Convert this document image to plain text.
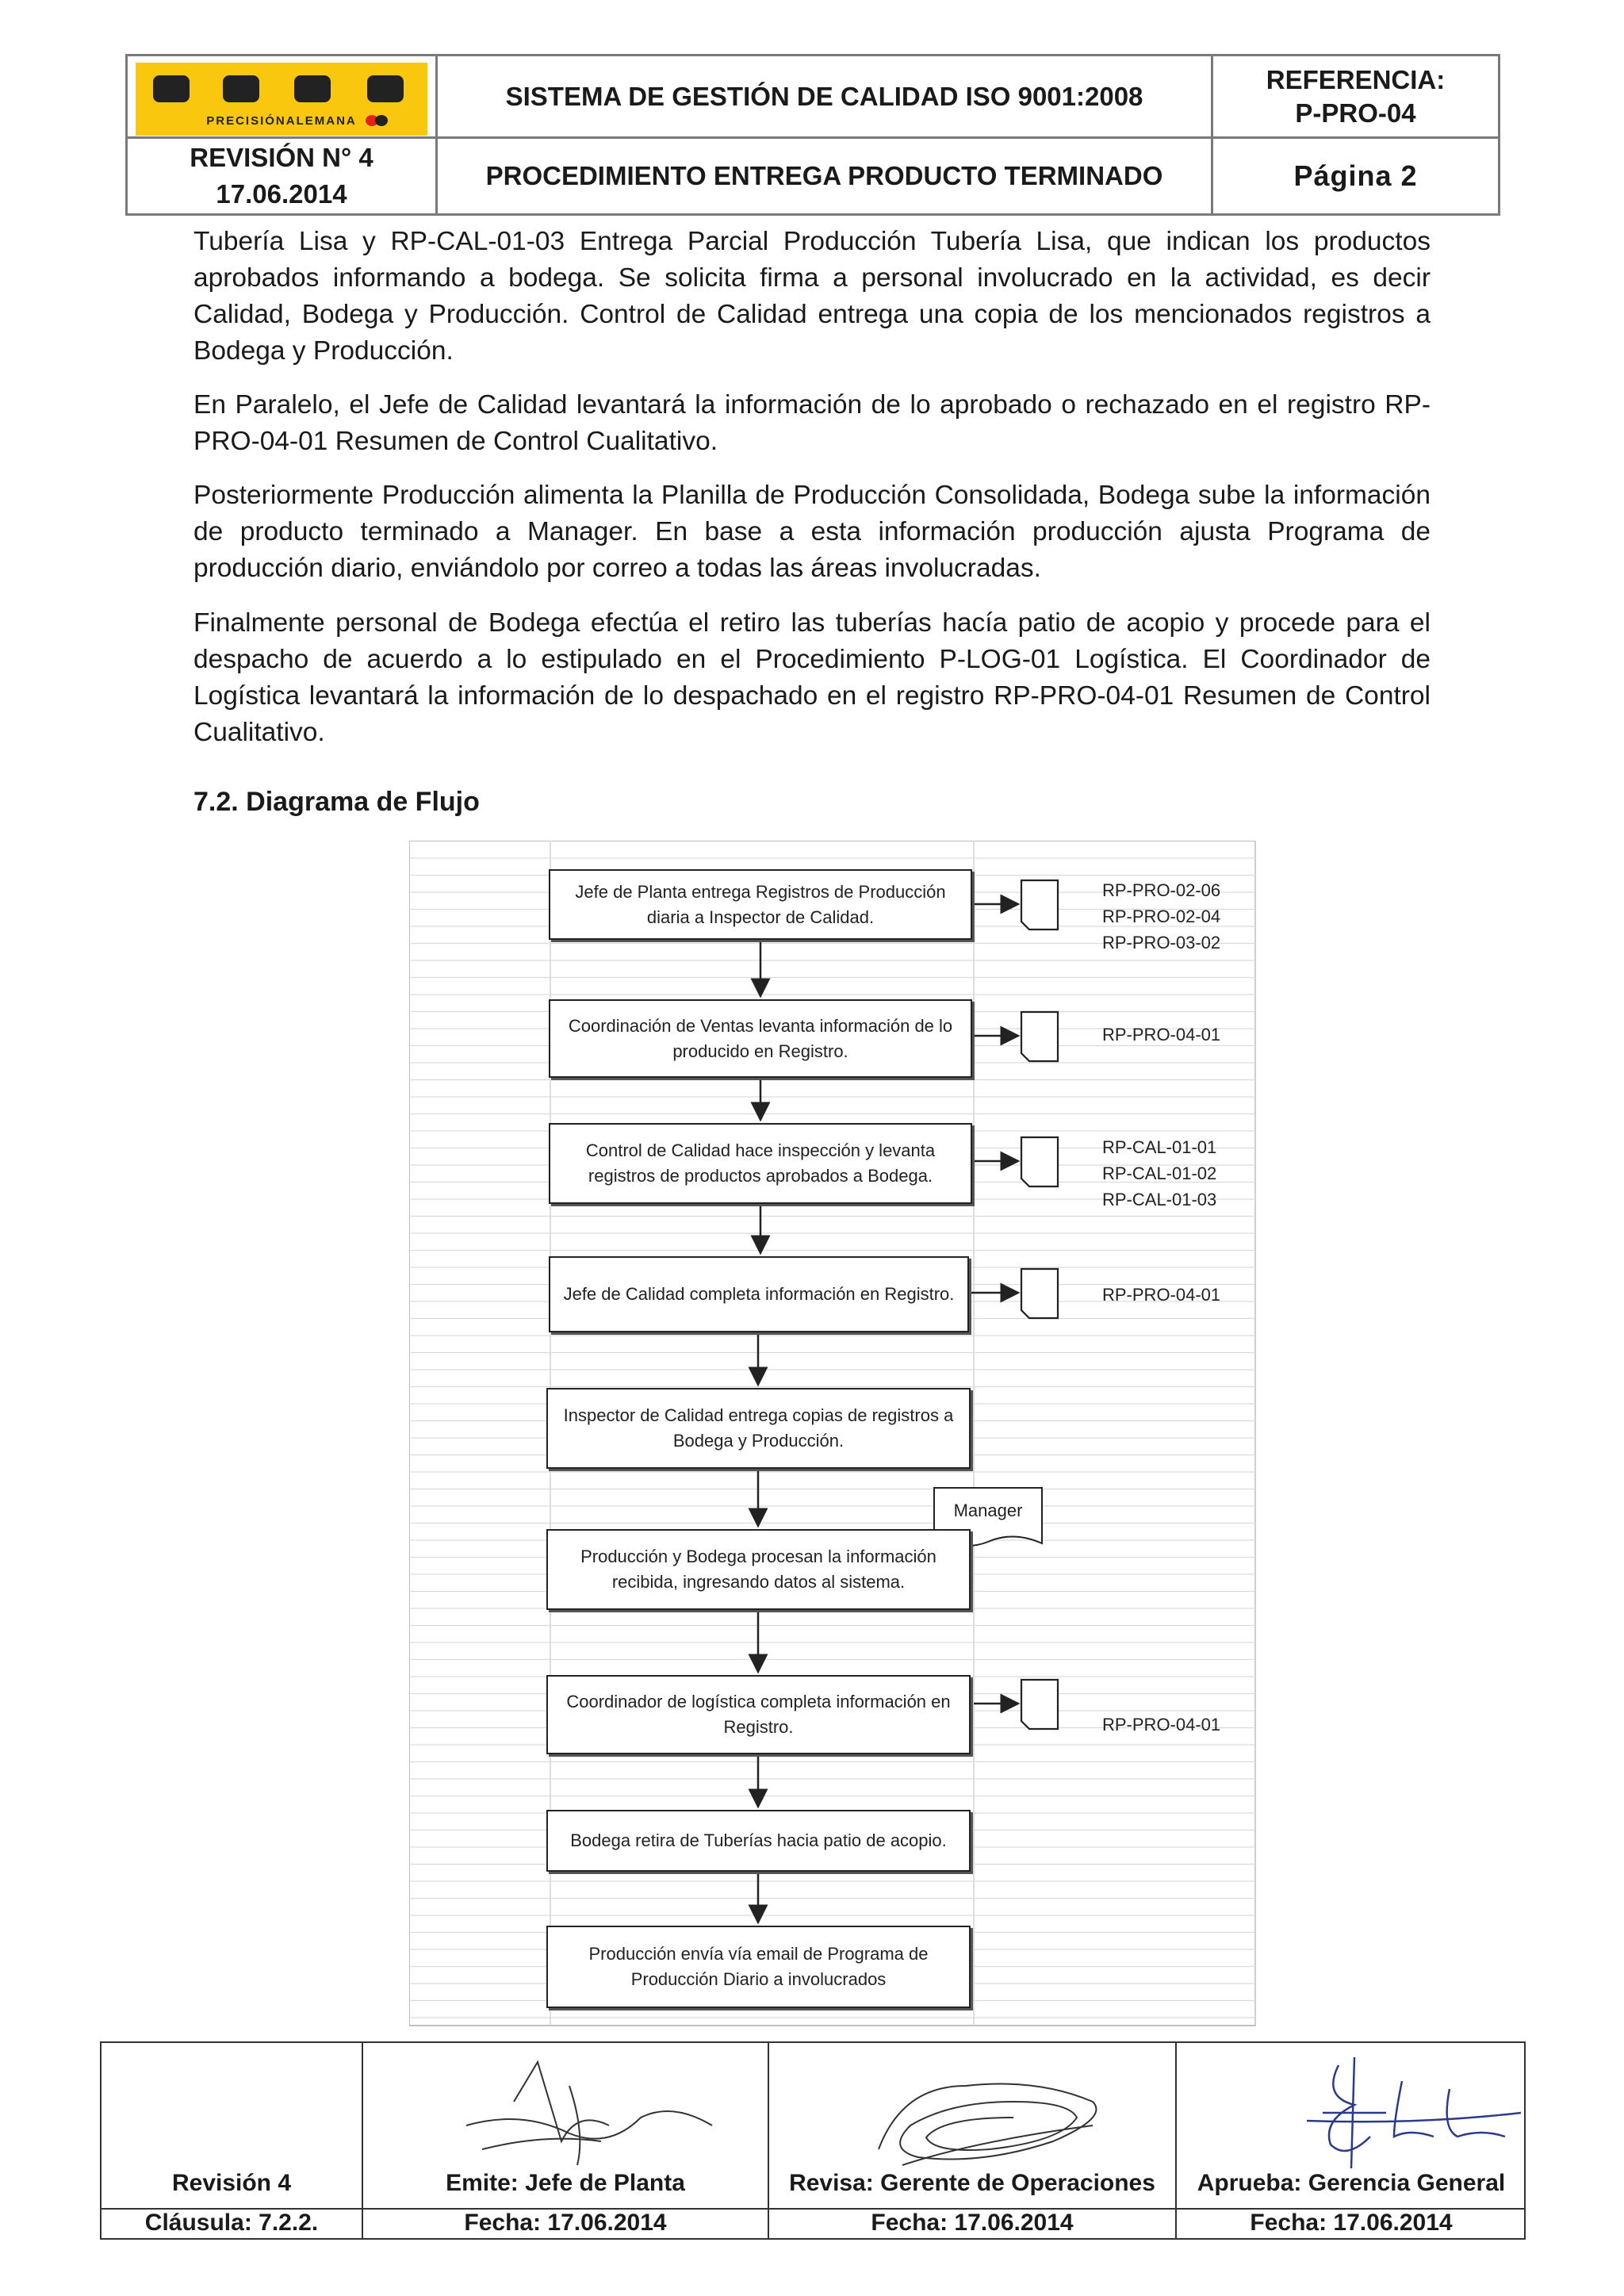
PRECISIÓNALEMANA
SISTEMA DE GESTIÓN DE CALIDAD ISO 9001:2008
REFERENCIA:
P-PRO-04
REVISIÓN N° 4
17.06.2014
PROCEDIMIENTO ENTREGA PRODUCTO TERMINADO	Página 2

Tubería Lisa y RP-CAL-01-03 Entrega Parcial Producción Tubería Lisa, que indican los productos aprobados informando a bodega. Se solicita firma a personal involucrado en la actividad, es decir Calidad, Bodega y Producción. Control de Calidad entrega una copia de los mencionados registros a Bodega y Producción.

En Paralelo, el Jefe de Calidad levantará la información de lo aprobado o rechazado en el registro RP-PRO-04-01 Resumen de Control Cualitativo.

Posteriormente Producción alimenta la Planilla de Producción Consolidada, Bodega sube la información de producto terminado a Manager. En base a esta información producción ajusta Programa de producción diario, enviándolo por correo a todas las áreas involucradas.

Finalmente personal de Bodega efectúa el retiro las tuberías hacía patio de acopio y procede para el despacho de acuerdo a lo estipulado en el Procedimiento P-LOG-01 Logística. El Coordinador de Logística levantará la información de lo despachado en el registro RP-PRO-04-01 Resumen de Control Cualitativo.

7.2. Diagrama de Flujo
Jefe de Planta entrega Registros de Producción diaria a Inspector de Calidad.
Coordinación de Ventas levanta información de lo producido en Registro.
Control de Calidad hace inspección y levanta registros de productos aprobados a Bodega.
Jefe de Calidad completa información en Registro.
Inspector de Calidad entrega copias de registros a Bodega y Producción.
Producción y Bodega procesan la información recibida, ingresando datos al sistema.
Coordinador de logística completa información en Registro.
Bodega retira de Tuberías hacia patio de acopio.
Producción envía vía email de Programa de Producción Diario a involucrados
Manager
RP-PRO-02-06
RP-PRO-02-04
RP-PRO-03-02
RP-PRO-04-01
RP-CAL-01-01
RP-CAL-01-02
RP-CAL-01-03
RP-PRO-04-01
RP-PRO-04-01
Revisión 4	Emite: Jefe de Planta	Revisa: Gerente de Operaciones	Aprueba: Gerencia General
Cláusula: 7.2.2.	Fecha: 17.06.2014	Fecha: 17.06.2014	Fecha: 17.06.2014
